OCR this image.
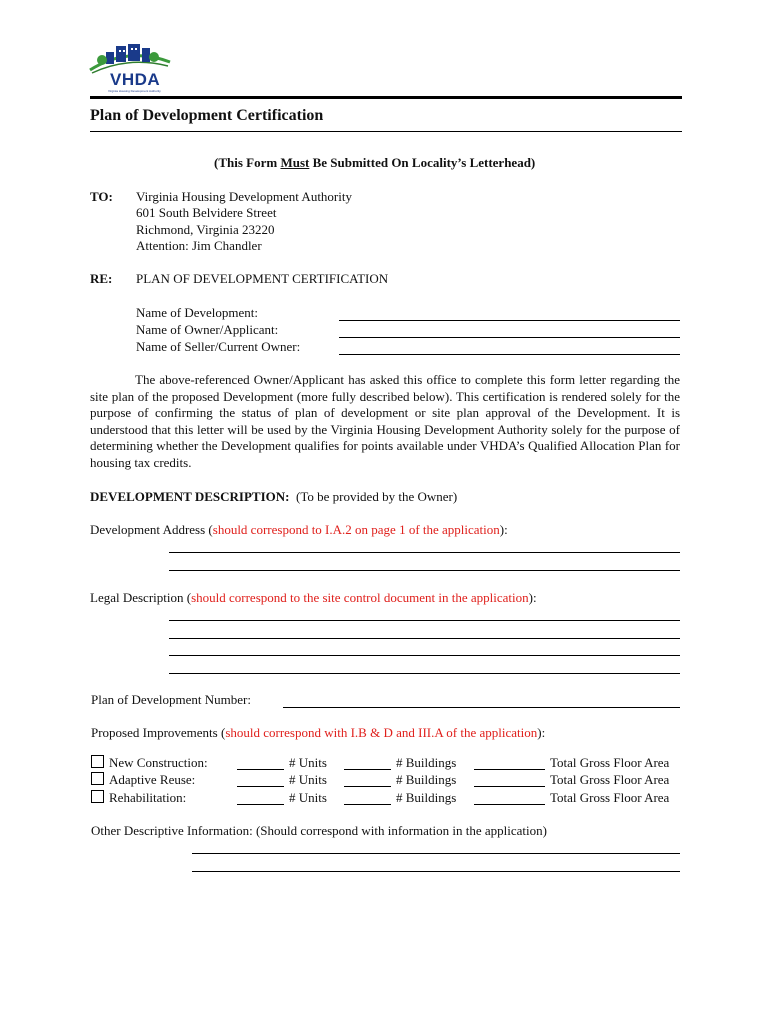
VHDA
Virginia Housing Development Authority
Plan of Development Certification
(This Form Must Be Submitted On Locality’s Letterhead)
TO: Virginia Housing Development Authority
601 South Belvidere Street
Richmond, Virginia 23220
Attention: Jim Chandler
RE: PLAN OF DEVELOPMENT CERTIFICATION
Name of Development:
Name of Owner/Applicant:
Name of Seller/Current Owner:
The above-referenced Owner/Applicant has asked this office to complete this form letter regarding the site plan of the proposed Development (more fully described below). This certification is rendered solely for the purpose of confirming the status of plan of development or site plan approval of the Development. It is understood that this letter will be used by the Virginia Housing Development Authority solely for the purpose of determining whether the Development qualifies for points available under VHDA’s Qualified Allocation Plan for housing tax credits.
DEVELOPMENT DESCRIPTION: (To be provided by the Owner)
Development Address (should correspond to I.A.2 on page 1 of the application):
Legal Description (should correspond to the site control document in the application):
Plan of Development Number:
Proposed Improvements (should correspond with I.B & D and III.A of the application):
New Construction:	# Units	# Buildings	Total Gross Floor Area
Adaptive Reuse:	# Units	# Buildings	Total Gross Floor Area
Rehabilitation:	# Units	# Buildings	Total Gross Floor Area
Other Descriptive Information: (Should correspond with information in the application)
